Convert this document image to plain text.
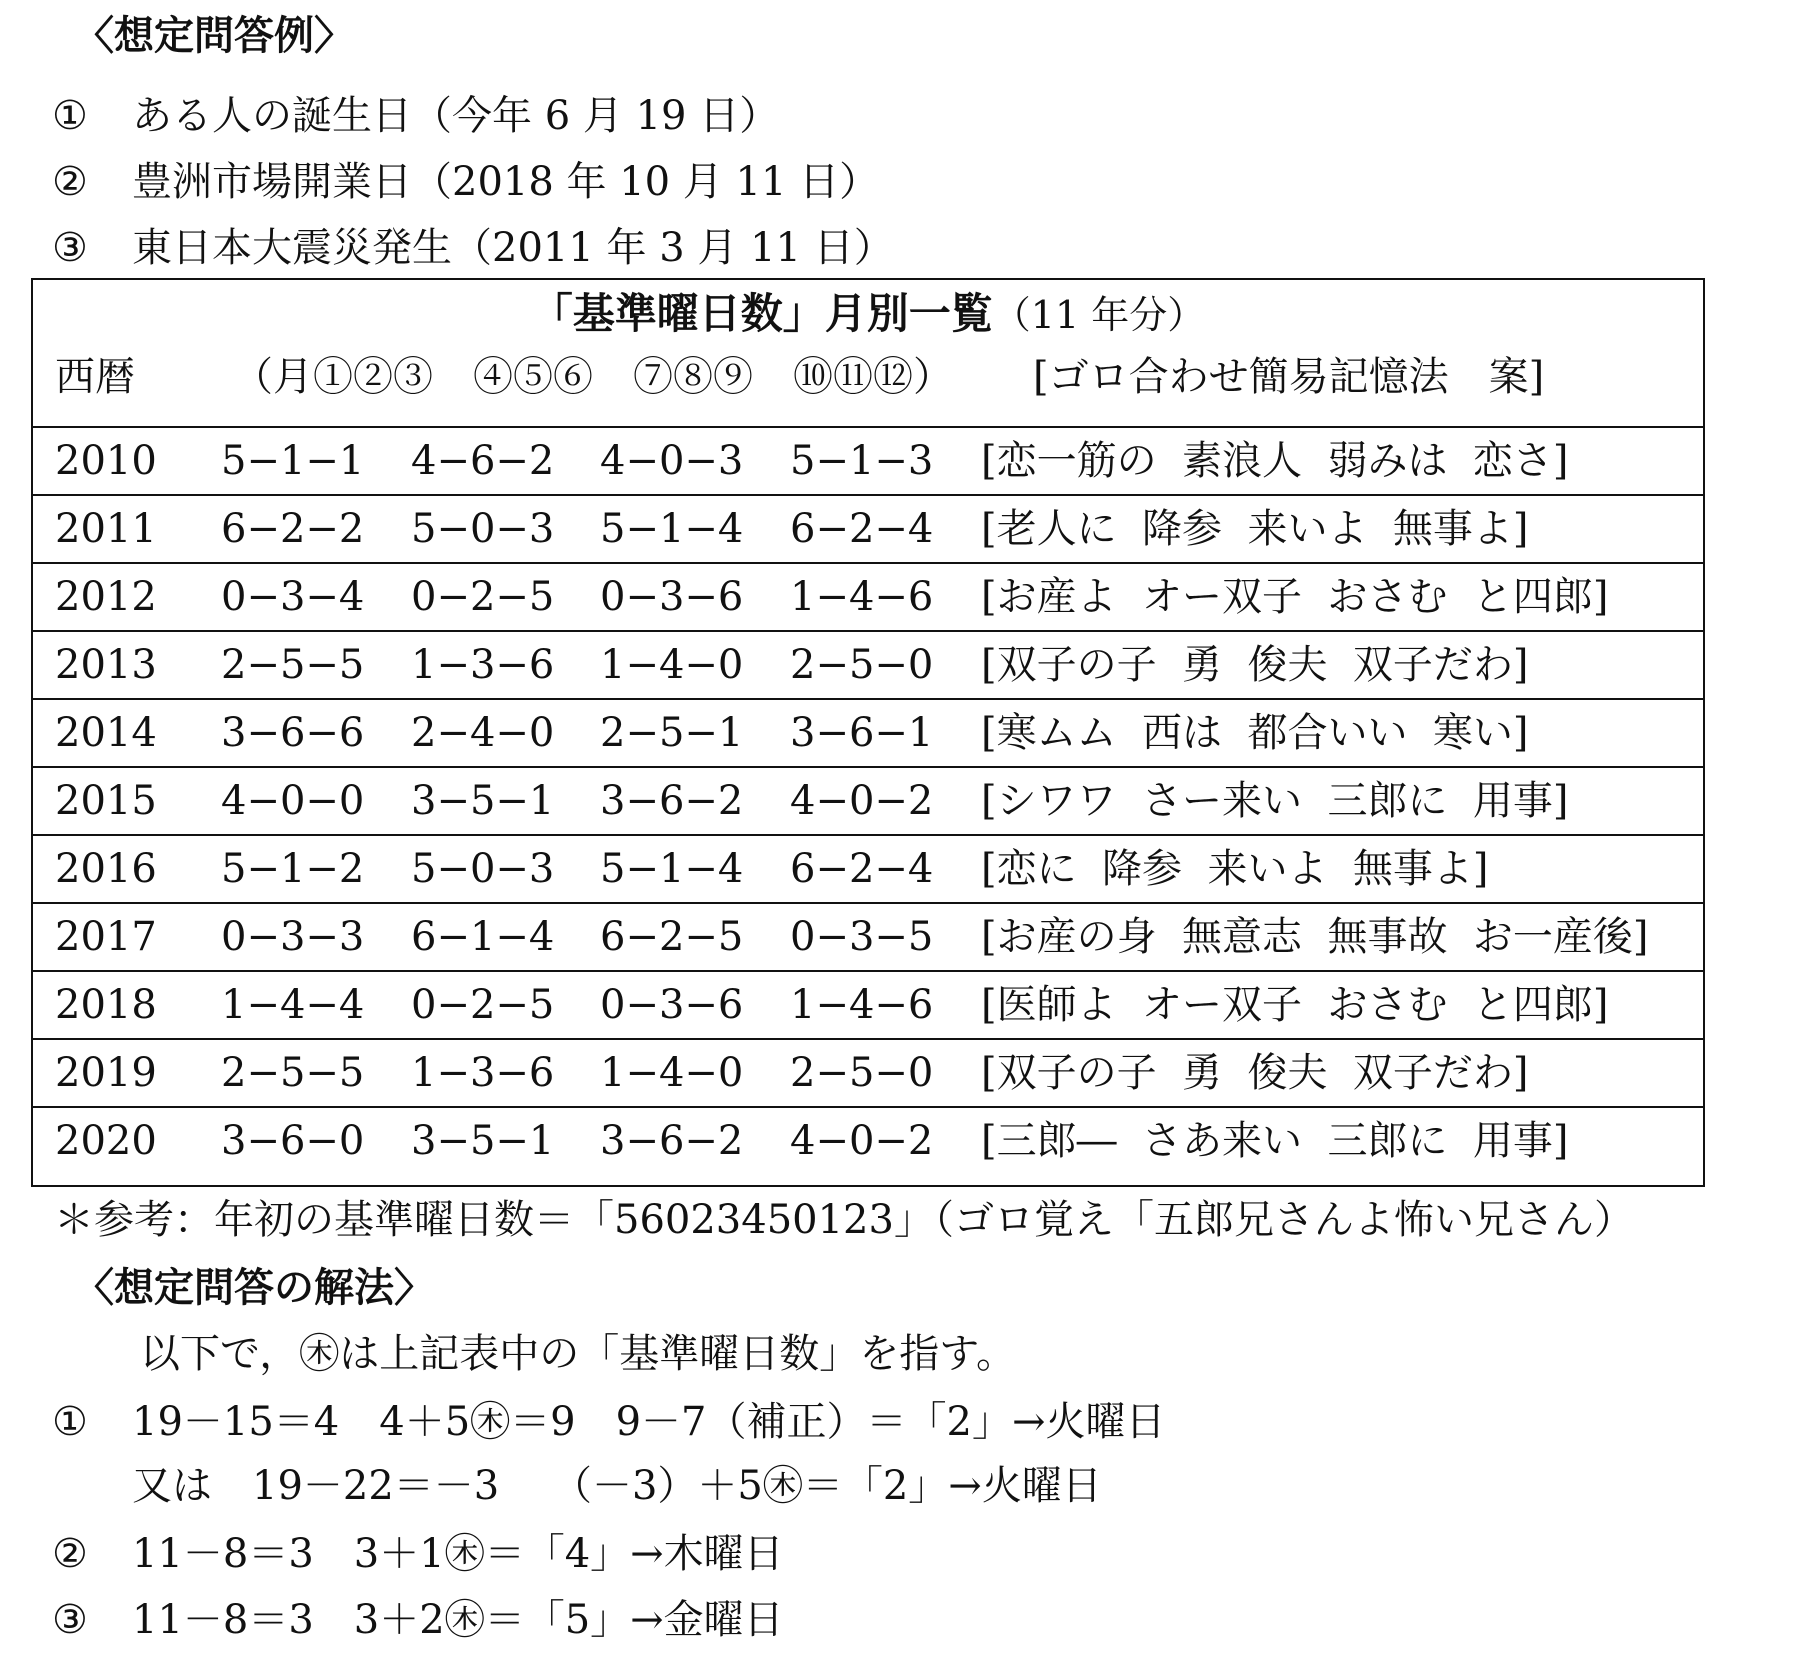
〈想定問答例〉
① ある人の誕生日（今年 6 月 19 日）
② 豊洲市場開業日（2018 年 10 月 11 日）
③ 東日本大震災発生（2011 年 3 月 11 日）
「基準曜日数」月別一覧（11 年分）
西暦 （月①②③　④⑤⑥　⑦⑧⑨　⑩⑪⑫） [ゴロ合わせ簡易記憶法　案]
2010 5−1−1 4−6−2 4−0−3 5−1−3 [恋一筋の  素浪人  弱みは  恋さ]
2011 6−2−2 5−0−3 5−1−4 6−2−4 [老人に  降参  来いよ  無事よ]
2012 0−3−4 0−2−5 0−3−6 1−4−6 [お産よ  オー双子  おさむ  と四郎]
2013 2−5−5 1−3−6 1−4−0 2−5−0 [双子の子  勇  俊夫  双子だわ]
2014 3−6−6 2−4−0 2−5−1 3−6−1 [寒ムム  西は  都合いい  寒い]
2015 4−0−0 3−5−1 3−6−2 4−0−2 [シワワ  さー来い  三郎に  用事]
2016 5−1−2 5−0−3 5−1−4 6−2−4 [恋に  降参  来いよ  無事よ]
2017 0−3−3 6−1−4 6−2−5 0−3−5 [お産の身  無意志  無事故  お一産後]
2018 1−4−4 0−2−5 0−3−6 1−4−6 [医師よ  オー双子  おさむ  と四郎]
2019 2−5−5 1−3−6 1−4−0 2−5−0 [双子の子  勇  俊夫  双子だわ]
2020 3−6−0 3−5−1 3−6−2 4−0−2 [三郎―  さあ来い  三郎に  用事]
＊参考：年初の基準曜日数＝「56023450123」（ゴロ覚え「五郎兄さんよ怖い兄さん）
〈想定問答の解法〉
以下で，㊍は上記表中の「基準曜日数」を指す。
① 19－15＝4　4＋5㊍＝9　9－7（補正）＝「2」→火曜日
又は　19－22＝－3　 （－3）＋5㊍＝「2」→火曜日
② 11－8＝3　3＋1㊍＝「4」→木曜日
③ 11－8＝3　3＋2㊍＝「5」→金曜日
